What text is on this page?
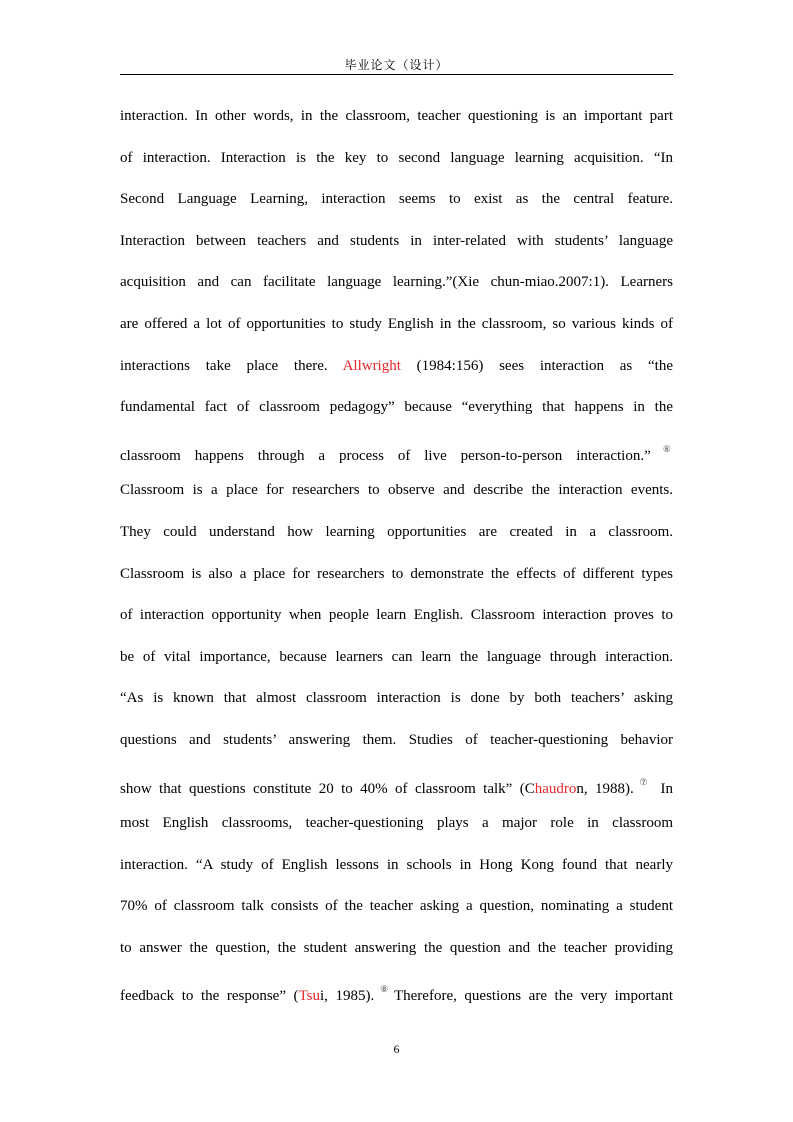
毕业论文（设计）
interaction. In other words, in the classroom, teacher questioning is an important part
of interaction. Interaction is the key to second language learning acquisition. “In
Second Language Learning, interaction seems to exist as the central feature.
Interaction between teachers and students in inter-related with students’ language
acquisition and can facilitate language learning.”(Xie chun-miao.2007:1). Learners
are offered a lot of opportunities to study English in the classroom, so various kinds of
interactions take place there. Allwright (1984:156) sees interaction as “the
fundamental fact of classroom pedagogy” because “everything that happens in the
classroom happens through a process of live person-to-person interaction.” ⑥
Classroom is a place for researchers to observe and describe the interaction events.
They could understand how learning opportunities are created in a classroom.
Classroom is also a place for researchers to demonstrate the effects of different types
of interaction opportunity when people learn English. Classroom interaction proves to
be of vital importance, because learners can learn the language through interaction.
“As is known that almost classroom interaction is done by both teachers’ asking
questions and students’ answering them. Studies of teacher-questioning behavior
show that questions constitute 20 to 40% of classroom talk” (Chaudron, 1988). ⑦ In
most English classrooms, teacher-questioning plays a major role in classroom
interaction. “A study of English lessons in schools in Hong Kong found that nearly
70% of classroom talk consists of the teacher asking a question, nominating a student
to answer the question, the student answering the question and the teacher providing
feedback to the response” (Tsui, 1985). ⑧ Therefore, questions are the very important
6
